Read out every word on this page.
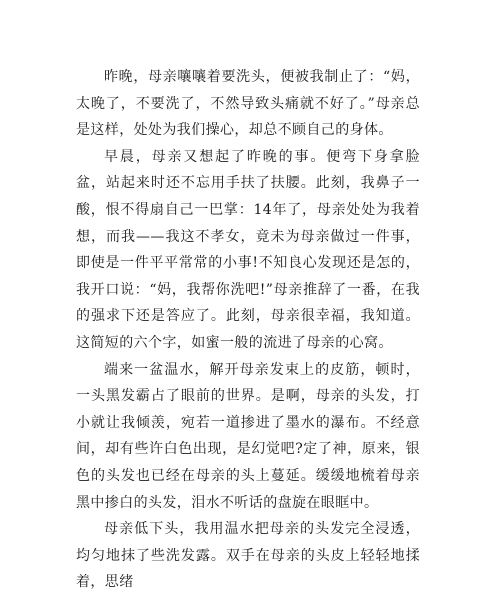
昨晚，母亲嚷嚷着要洗头，便被我制止了：“妈，太晚了，不要洗了，不然导致头痛就不好了。”母亲总是这样，处处为我们操心，却总不顾自己的身体。

早晨，母亲又想起了昨晚的事。便弯下身拿脸盆，站起来时还不忘用手扶了扶腰。此刻，我鼻子一酸，恨不得扇自己一巴掌：14年了，母亲处处为我着想，而我——我这不孝女，竟未为母亲做过一件事，即使是一件平平常常的小事!不知良心发现还是怎的，我开口说：“妈，我帮你洗吧!”母亲推辞了一番，在我的强求下还是答应了。此刻，母亲很幸福，我知道。这简短的六个字，如蜜一般的流进了母亲的心窝。

端来一盆温水，解开母亲发束上的皮筋，顿时，一头黑发霸占了眼前的世界。是啊，母亲的头发，打小就让我倾羡，宛若一道掺进了墨水的瀑布。不经意间，却有些许白色出现，是幻觉吧?定了神，原来，银色的头发也已经在母亲的头上蔓延。缓缓地梳着母亲黑中掺白的头发，泪水不听话的盘旋在眼眶中。

母亲低下头，我用温水把母亲的头发完全浸透，均匀地抹了些洗发露。双手在母亲的头皮上轻轻地揉着，思绪
